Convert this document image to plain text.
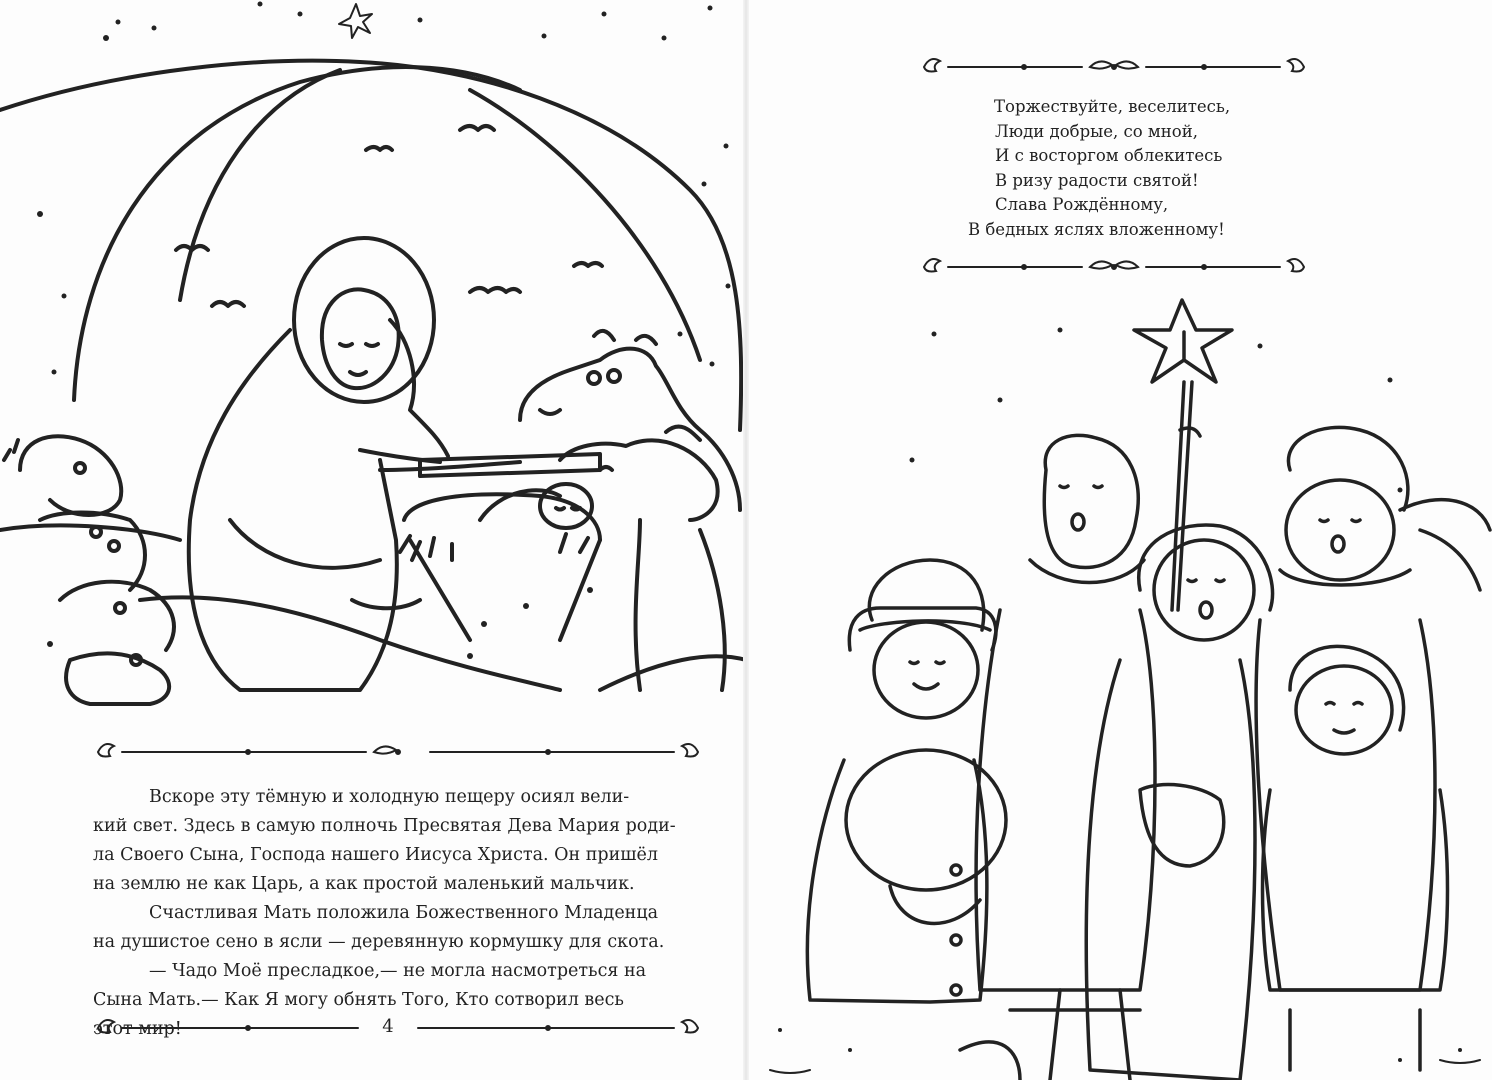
Вскоре эту тёмную и холодную пещеру осиял вели-
кий свет. Здесь в самую полночь Пресвятая Дева Мария роди-
ла Своего Сына, Господа нашего Иисуса Христа. Он пришёл
на землю не как Царь, а как простой маленький мальчик.

Счастливая Мать положила Божественного Младенца
на душистое сено в ясли — деревянную кормушку для скота.

— Чадо Моё пресладкое,— не могла насмотреться на
Сына Мать.— Как Я могу обнять Того, Кто сотворил весь
этот мир!	4
Торжествуйте, веселитесь,
Люди добрые, со мной,
И с восторгом облекитесь
В ризу радости святой!
Слава Рождённому,
В бедных яслях вложенному!
